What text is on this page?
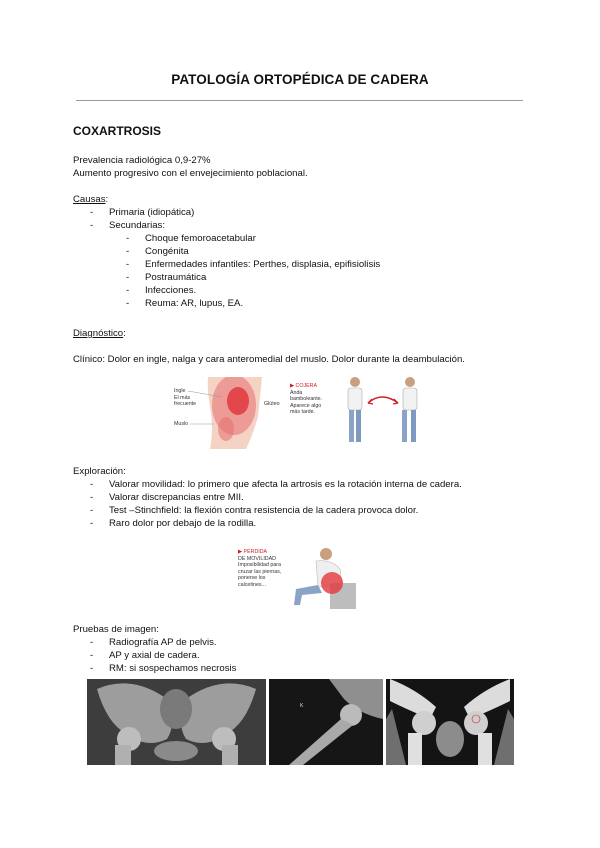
PATOLOGÍA ORTOPÉDICA DE CADERA
COXARTROSIS
Prevalencia radiológica 0,9-27%
Aumento progresivo con el envejecimiento poblacional.
Causas:
- Primaria (idiopática)
- Secundarias:
- Choque femoroacetabular
- Congénita
- Enfermedades infantiles: Perthes, displasia, epifisiolisis
- Postraumática
- Infecciones.
- Reuma: AR, lupus, EA.
Diagnóstico:
Clínico: Dolor en ingle, nalga y cara anteromedial del muslo. Dolor durante la deambulación.
Ingle
El más
frecuente
Muslo
Glúteo
▶ COJERA
Anda
bamboleante.
Aparece algo
más tarde.
Exploración:
- Valorar movilidad: lo primero que afecta la artrosis es la rotación interna de cadera.
- Valorar discrepancias entre MII.
- Test –Stinchfield: la flexión contra resistencia de la cadera provoca dolor.
- Raro dolor por debajo de la rodilla.
▶ PÉRDIDA
DE MOVILIDAD
Imposibilidad para
cruzar las piernas,
ponerse los
calcetines...
Pruebas de imagen:
- Radiografía AP de pelvis.
- AP y axial de cadera.
- RM: si sospechamos necrosis
K
